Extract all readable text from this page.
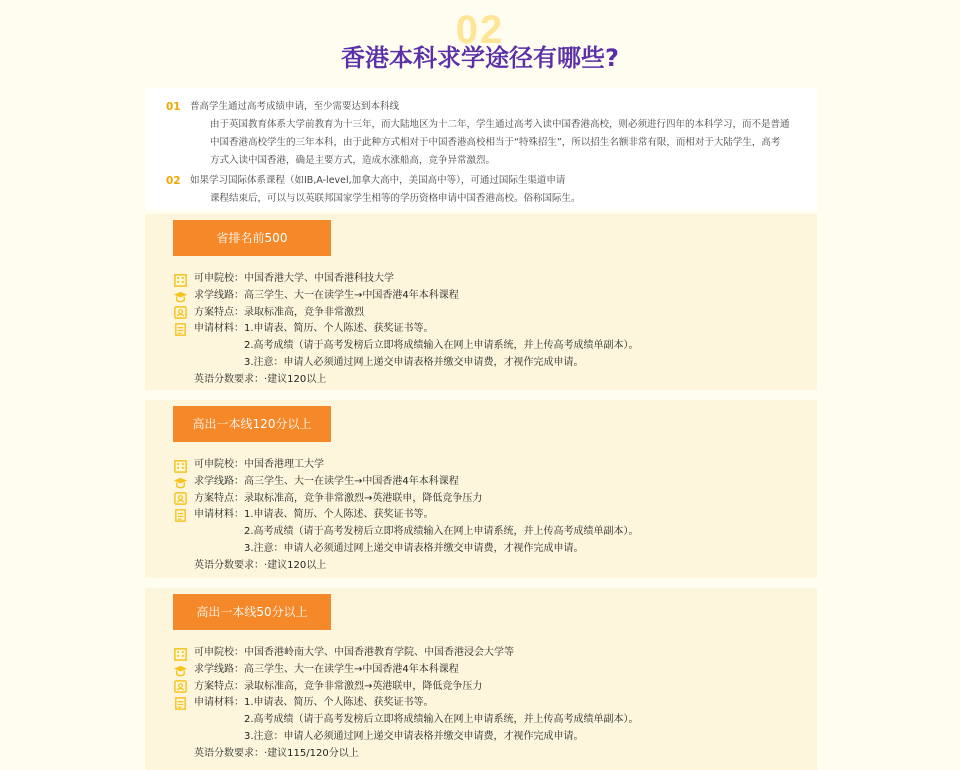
02
香港本科求学途径有哪些?
01 普高学生通过高考成绩申请，至少需要达到本科线
由于英国教育体系大学前教育为十三年，而大陆地区为十二年，学生通过高考入读中国香港高校，则必须进行四年的本科学习，而不是普通
中国香港高校学生的三年本科，由于此种方式相对于中国香港高校相当于“特殊招生”，所以招生名额非常有限，而相对于大陆学生，高考
方式入读中国香港，确是主要方式，造成水涨船高，竞争异常激烈。
02 如果学习国际体系课程（如IB,A-level,加拿大高中，美国高中等），可通过国际生渠道申请
课程结束后，可以与以英联邦国家学生相等的学历资格申请中国香港高校。俗称国际生。
省排名前500
可申院校： 中国香港大学、中国香港科技大学
求学线路： 高三学生、大一在读学生→中国香港4年本科课程
方案特点： 录取标准高，竞争非常激烈
申请材料： 1.申请表、简历、个人陈述、获奖证书等。
2.高考成绩（请于高考发榜后立即将成绩输入在网上申请系统，并上传高考成绩单副本）。
3.注意：申请人必须通过网上递交申请表格并缴交申请费，才视作完成申请。
英语分数要求： ·建议120以上
高出一本线120分以上
可申院校： 中国香港理工大学
求学线路： 高三学生、大一在读学生→中国香港4年本科课程
方案特点： 录取标准高，竞争非常激烈→英港联申，降低竞争压力
申请材料： 1.申请表、简历、个人陈述、获奖证书等。
2.高考成绩（请于高考发榜后立即将成绩输入在网上申请系统，并上传高考成绩单副本）。
3.注意：申请人必须通过网上递交申请表格并缴交申请费，才视作完成申请。
英语分数要求： ·建议120以上
高出一本线50分以上
可申院校： 中国香港岭南大学、中国香港教育学院、中国香港浸会大学等
求学线路： 高三学生、大一在读学生→中国香港4年本科课程
方案特点： 录取标准高，竞争非常激烈→英港联申，降低竞争压力
申请材料： 1.申请表、简历、个人陈述、获奖证书等。
2.高考成绩（请于高考发榜后立即将成绩输入在网上申请系统，并上传高考成绩单副本）。
3.注意：申请人必须通过网上递交申请表格并缴交申请费，才视作完成申请。
英语分数要求： ·建议115/120分以上
